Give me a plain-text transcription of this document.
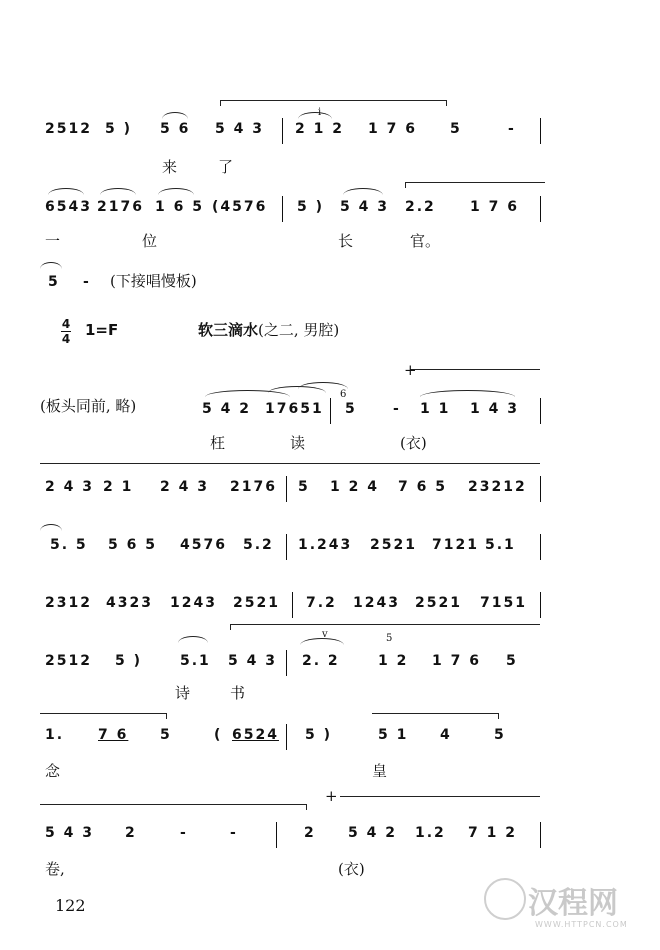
2512 5 ) 5 6 5 4 3 2 1 2 1 7 6 5	-
i
来	了
6543 2176 1 6 5 (4576 5 ) 5 4 3 2.2 1 7 6
一	位	长	官。
5 - (下接唱慢板)
4
4 1=F	软三滴水(之二, 男腔)
(板头同前, 略)	5 4 2 17651 5	- 1 1 1 4 3
6
+
枉	读	(衣)
2 4 3 2 1 2 4 3 2176 5 1 2 4 7 6 5 23212
5. 5 5 6 5 4576 5.2 1.243 2521 7121 5.1
2312 4323 1243 2521 7.2 1243 2521 7151
v	5
2512 5 )	5.1 5 4 3 2. 2	1 2 1 7 6 5
诗	书
1. 7 6 5	( 6524 5 )	5 1 4	5
念	皇
+
5 4 3 2	-	-	2 5 4 2 1.2 7 1 2
卷,	(衣)
122	汉程网
WWW.HTTPCN.COM
